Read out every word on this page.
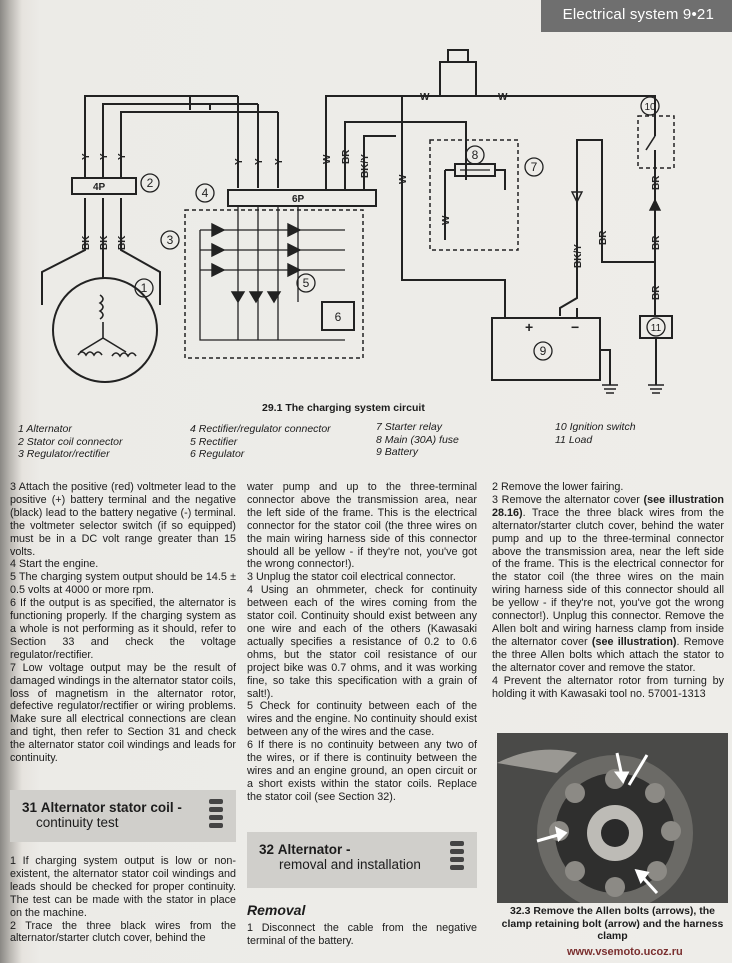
Electrical system 9•21
1
2
3
4
5
6
7
8
9
10
11
4P
6P
+	−
W	W
Y Y Y
Y Y Y
BK BK BK
W BR BK/Y
W
W
BK/Y
BR
BR
BR
BR
29.1 The charging system circuit
1 Alternator
2 Stator coil connector
3 Regulator/rectifier
4 Rectifier/regulator connector
5 Rectifier
6 Regulator
7 Starter relay
8 Main (30A) fuse
9 Battery
10 Ignition switch
11 Load

3 Attach the positive (red) voltmeter lead to the positive (+) battery terminal and the negative (black) lead to the battery negative (-) terminal. the voltmeter selector switch (if so equipped) must be in a DC volt range greater than 15 volts.

4 Start the engine.

5 The charging system output should be 14.5 ± 0.5 volts at 4000 or more rpm.

6 If the output is as specified, the alternator is functioning properly. If the charging system as a whole is not performing as it should, refer to Section 33 and check the voltage regulator/rectifier.

7 Low voltage output may be the result of damaged windings in the alternator stator coils, loss of magnetism in the alternator rotor, defective regulator/rectifier or wiring problems. Make sure all electrical connections are clean and tight, then refer to Section 31 and check the alternator stator coil windings and leads for continuity.

31 Alternator stator coil -
continuity test

1 If charging system output is low or non-existent, the alternator stator coil windings and leads should be checked for proper continuity. The test can be made with the stator in place on the machine.

2 Trace the three black wires from the alternator/starter clutch cover, behind the

water pump and up to the three-terminal connector above the transmission area, near the left side of the frame. This is the electrical connector for the stator coil (the three wires on the main wiring harness side of this connector should all be yellow - if they're not, you've got the wrong connector!).

3 Unplug the stator coil electrical connector.

4 Using an ohmmeter, check for continuity between each of the wires coming from the stator coil. Continuity should exist between any one wire and each of the others (Kawasaki actually specifies a resistance of 0.2 to 0.6 ohms, but the stator coil resistance of our project bike was 0.7 ohms, and it was working fine, so take this specification with a grain of salt!).

5 Check for continuity between each of the wires and the engine. No continuity should exist between any of the wires and the case.

6 If there is no continuity between any two of the wires, or if there is continuity between the wires and an engine ground, an open circuit or a short exists within the stator coils. Replace the stator coil (see Section 32).

32 Alternator -
removal and installation
Removal

1 Disconnect the cable from the negative terminal of the battery.

2 Remove the lower fairing.

3 Remove the alternator cover (see illustration 28.16). Trace the three black wires from the alternator/starter clutch cover, behind the water pump and up to the three-terminal connector above the transmission area, near the left side of the frame. This is the electrical connector for the stator coil (the three wires on the main wiring harness side of this connector should all be yellow - if they're not, you've got the wrong connector!). Unplug this connector. Remove the Allen bolt and wiring harness clamp from inside the alternator cover (see illustration). Remove the three Allen bolts which attach the stator to the alternator cover and remove the stator.

4 Prevent the alternator rotor from turning by holding it with Kawasaki tool no. 57001-1313

32.3 Remove the Allen bolts (arrows), the clamp retaining bolt (arrow) and the harness clamp
www.vsemoto.ucoz.ru
